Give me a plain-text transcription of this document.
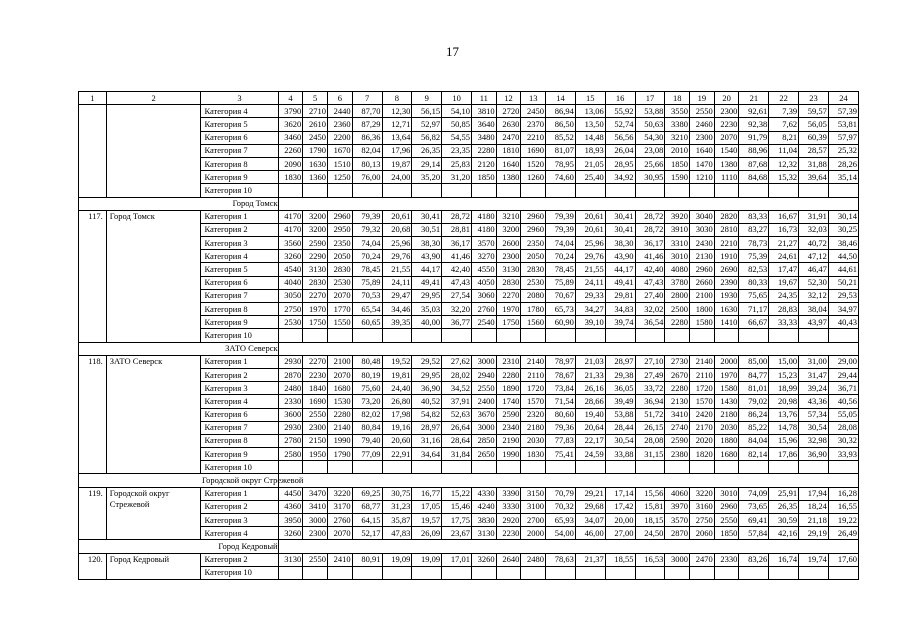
17
1	2	3	4	5	6	7	8	9	10	11	12	13	14	15	16	17	18	19	20	21	22	23	24
		Категория 4	3790	2710	2440	87,70	12,30	56,15	54,10	3810	2720	2450	86,94	13,06	55,92	53,88	3550	2550	2300	92,61	7,39	59,57	57,39
		Категория 5	3620	2610	2360	87,29	12,71	52,97	50,85	3640	2630	2370	86,50	13,50	52,74	50,63	3380	2460	2230	92,38	7,62	56,05	53,81
		Категория 6	3460	2450	2200	86,36	13,64	56,82	54,55	3480	2470	2210	85,52	14,48	56,56	54,30	3210	2300	2070	91,79	8,21	60,39	57,97
		Категория 7	2260	1790	1670	82,04	17,96	26,35	23,35	2280	1810	1690	81,07	18,93	26,04	23,08	2010	1640	1540	88,96	11,04	28,57	25,32
		Категория 8	2090	1630	1510	80,13	19,87	29,14	25,83	2120	1640	1520	78,95	21,05	28,95	25,66	1850	1470	1380	87,68	12,32	31,88	28,26
		Категория 9	1830	1360	1250	76,00	24,00	35,20	31,20	1850	1380	1260	74,60	25,40	34,92	30,95	1590	1210	1110	84,68	15,32	39,64	35,14
		Категория 10																					
		Город Томск																					
117.	Город Томск	Категория 1	4170	3200	2960	79,39	20,61	30,41	28,72	4180	3210	2960	79,39	20,61	30,41	28,72	3920	3040	2820	83,33	16,67	31,91	30,14
		Категория 2	4170	3200	2950	79,32	20,68	30,51	28,81	4180	3200	2960	79,39	20,61	30,41	28,72	3910	3030	2810	83,27	16,73	32,03	30,25
		Категория 3	3560	2590	2350	74,04	25,96	38,30	36,17	3570	2600	2350	74,04	25,96	38,30	36,17	3310	2430	2210	78,73	21,27	40,72	38,46
		Категория 4	3260	2290	2050	70,24	29,76	43,90	41,46	3270	2300	2050	70,24	29,76	43,90	41,46	3010	2130	1910	75,39	24,61	47,12	44,50
		Категория 5	4540	3130	2830	78,45	21,55	44,17	42,40	4550	3130	2830	78,45	21,55	44,17	42,40	4080	2960	2690	82,53	17,47	46,47	44,61
		Категория 6	4040	2830	2530	75,89	24,11	49,41	47,43	4050	2830	2530	75,89	24,11	49,41	47,43	3780	2660	2390	80,33	19,67	52,30	50,21
		Категория 7	3050	2270	2070	70,53	29,47	29,95	27,54	3060	2270	2080	70,67	29,33	29,81	27,40	2800	2100	1930	75,65	24,35	32,12	29,53
		Категория 8	2750	1970	1770	65,54	34,46	35,03	32,20	2760	1970	1780	65,73	34,27	34,83	32,02	2500	1800	1630	71,17	28,83	38,04	34,97
		Категория 9	2530	1750	1550	60,65	39,35	40,00	36,77	2540	1750	1560	60,90	39,10	39,74	36,54	2280	1580	1410	66,67	33,33	43,97	40,43
		Категория 10																					
		ЗАТО Северск																					
118.	ЗАТО Северск	Категория 1	2930	2270	2100	80,48	19,52	29,52	27,62	3000	2310	2140	78,97	21,03	28,97	27,10	2730	2140	2000	85,00	15,00	31,00	29,00
		Категория 2	2870	2230	2070	80,19	19,81	29,95	28,02	2940	2280	2110	78,67	21,33	29,38	27,49	2670	2110	1970	84,77	15,23	31,47	29,44
		Категория 3	2480	1840	1680	75,60	24,40	36,90	34,52	2550	1890	1720	73,84	26,16	36,05	33,72	2280	1720	1580	81,01	18,99	39,24	36,71
		Категория 4	2330	1690	1530	73,20	26,80	40,52	37,91	2400	1740	1570	71,54	28,66	39,49	36,94	2130	1570	1430	79,02	20,98	43,36	40,56
		Категория 6	3600	2550	2280	82,02	17,98	54,82	52,63	3670	2590	2320	80,60	19,40	53,88	51,72	3410	2420	2180	86,24	13,76	57,34	55,05
		Категория 7	2930	2300	2140	80,84	19,16	28,97	26,64	3000	2340	2180	79,36	20,64	28,44	26,15	2740	2170	2030	85,22	14,78	30,54	28,08
		Категория 8	2780	2150	1990	79,40	20,60	31,16	28,64	2850	2190	2030	77,83	22,17	30,54	28,08	2590	2020	1880	84,04	15,96	32,98	30,32
		Категория 9	2580	1950	1790	77,09	22,91	34,64	31,84	2650	1990	1830	75,41	24,59	33,88	31,15	2380	1820	1680	82,14	17,86	36,90	33,93
		Категория 10																					
		Городской округ Стрежевой																					
119.	Городской округ Стрежевой	Категория 1	4450	3470	3220	69,25	30,75	16,77	15,22	4330	3390	3150	70,79	29,21	17,14	15,56	4060	3220	3010	74,09	25,91	17,94	16,28
		Категория 2	4360	3410	3170	68,77	31,23	17,05	15,46	4240	3330	3100	70,32	29,68	17,42	15,81	3970	3160	2960	73,65	26,35	18,24	16,55
		Категория 3	3950	3000	2760	64,15	35,87	19,57	17,75	3830	2920	2700	65,93	34,07	20,00	18,15	3570	2750	2550	69,41	30,59	21,18	19,22
		Категория 4	3260	2300	2070	52,17	47,83	26,09	23,67	3130	2230	2000	54,00	46,00	27,00	24,50	2870	2060	1850	57,84	42,16	29,19	26,49
		Город Кедровый																					
120.	Город Кедровый	Категория 2	3130	2550	2410	80,91	19,09	19,09	17,01	3260	2640	2480	78,63	21,37	18,55	16,53	3000	2470	2330	83,26	16,74	19,74	17,60
		Категория 10																					
